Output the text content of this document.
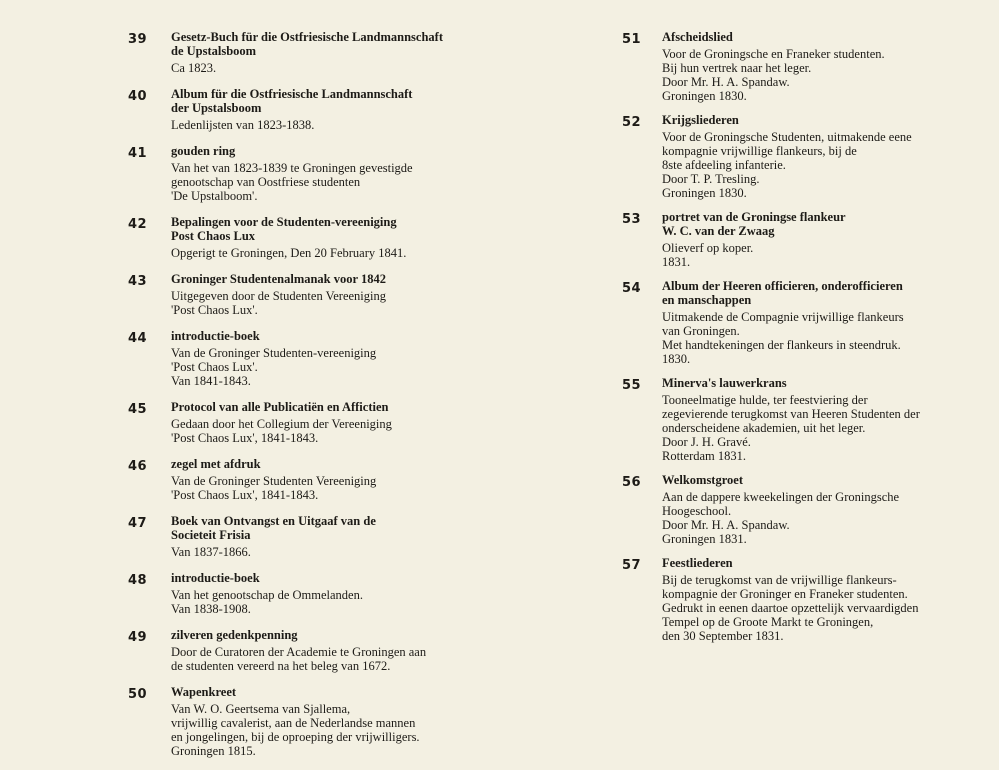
39 Gesetz-Buch für die Ostfriesische Landmannschaft
de Upstalsboom
Ca 1823.
40 Album für die Ostfriesische Landmannschaft
der Upstalsboom
Ledenlijsten van 1823-1838.
41 gouden ring
Van het van 1823-1839 te Groningen gevestigde
genootschap van Oostfriese studenten
'De Upstalboom'.
42 Bepalingen voor de Studenten-vereeniging
Post Chaos Lux
Opgerigt te Groningen, Den 20 February 1841.
43 Groninger Studentenalmanak voor 1842
Uitgegeven door de Studenten Vereeniging
'Post Chaos Lux'.
44 introductie-boek
Van de Groninger Studenten-vereeniging
'Post Chaos Lux'.
Van 1841-1843.
45 Protocol van alle Publicatiën en Affictien
Gedaan door het Collegium der Vereeniging
'Post Chaos Lux', 1841-1843.
46 zegel met afdruk
Van de Groninger Studenten Vereeniging
'Post Chaos Lux', 1841-1843.
47 Boek van Ontvangst en Uitgaaf van de
Societeit Frisia
Van 1837-1866.
48 introductie-boek
Van het genootschap de Ommelanden.
Van 1838-1908.
49 zilveren gedenkpenning
Door de Curatoren der Academie te Groningen aan
de studenten vereerd na het beleg van 1672.
50 Wapenkreet
Van W. O. Geertsema van Sjallema,
vrijwillig cavalerist, aan de Nederlandse mannen
en jongelingen, bij de oproeping der vrijwilligers.
Groningen 1815.
51 Afscheidslied
Voor de Groningsche en Franeker studenten.
Bij hun vertrek naar het leger.
Door Mr. H. A. Spandaw.
Groningen 1830.
52 Krijgsliederen
Voor de Groningsche Studenten, uitmakende eene
kompagnie vrijwillige flankeurs, bij de
8ste afdeeling infanterie.
Door T. P. Tresling.
Groningen 1830.
53 portret van de Groningse flankeur
W. C. van der Zwaag
Olieverf op koper.
1831.
54 Album der Heeren officieren, onderofficieren
en manschappen
Uitmakende de Compagnie vrijwillige flankeurs
van Groningen.
Met handtekeningen der flankeurs in steendruk.
1830.
55 Minerva's lauwerkrans
Tooneelmatige hulde, ter feestviering der
zegevierende terugkomst van Heeren Studenten der
onderscheidene akademien, uit het leger.
Door J. H. Gravé.
Rotterdam 1831.
56 Welkomstgroet
Aan de dappere kweekelingen der Groningsche
Hoogeschool.
Door Mr. H. A. Spandaw.
Groningen 1831.
57 Feestliederen
Bij de terugkomst van de vrijwillige flankeurs-
kompagnie der Groninger en Franeker studenten.
Gedrukt in eenen daartoe opzettelijk vervaardigden
Tempel op de Groote Markt te Groningen,
den 30 September 1831.
